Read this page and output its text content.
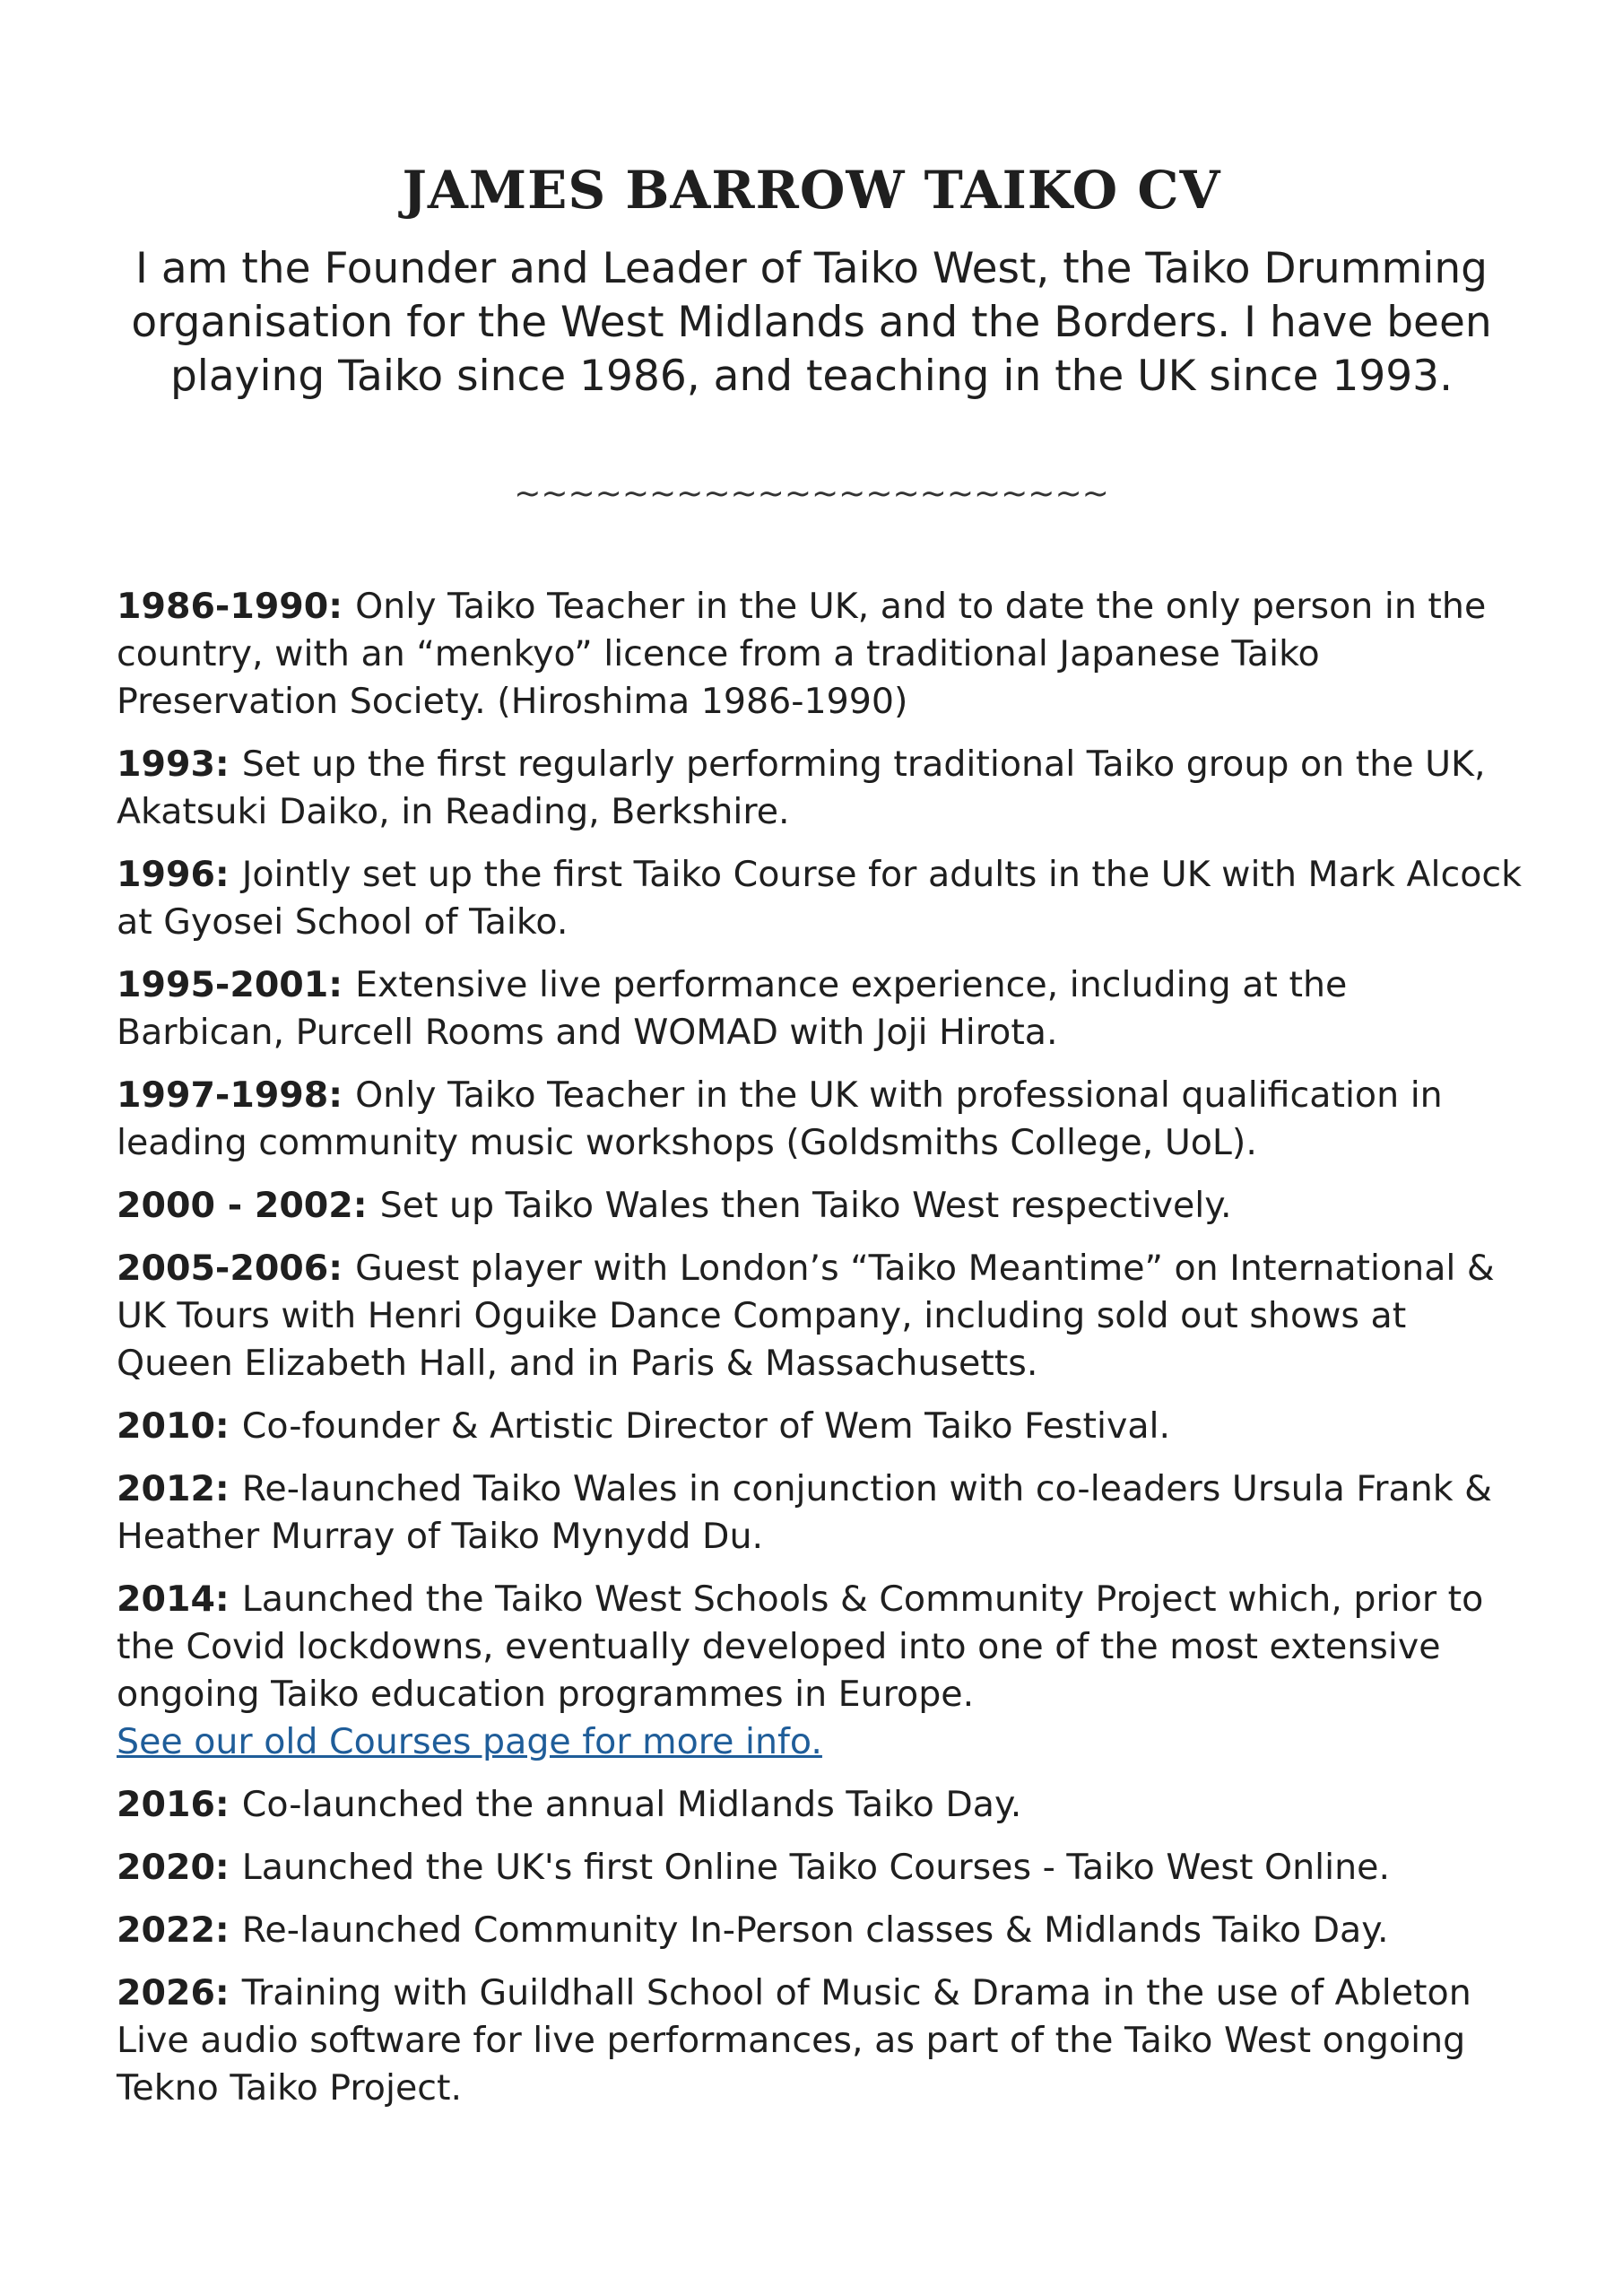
JAMES BARROW TAIKO CV

I am the Founder and Leader of Taiko West, the Taiko Drumming organisation for the West Midlands and the Borders. I have been playing Taiko since 1986, and teaching in the UK since 1993.

~~~~~~~~~~~~~~~~~~~~~~

1986-1990: Only Taiko Teacher in the UK, and to date the only person in the country, with an “menkyo” licence from a traditional Japanese Taiko Preservation Society. (Hiroshima 1986-1990)

1993: Set up the first regularly performing traditional Taiko group on the UK, Akatsuki Daiko, in Reading, Berkshire.

1996: Jointly set up the first Taiko Course for adults in the UK with Mark Alcock at Gyosei School of Taiko.

1995-2001: Extensive live performance experience, including at the Barbican, Purcell Rooms and WOMAD with Joji Hirota.

1997-1998: Only Taiko Teacher in the UK with professional qualification in leading community music workshops (Goldsmiths College, UoL).

2000 - 2002: Set up Taiko Wales then Taiko West respectively.

2005-2006: Guest player with London’s “Taiko Meantime” on International & UK Tours with Henri Oguike Dance Company, including sold out shows at Queen Elizabeth Hall, and in Paris & Massachusetts.

2010: Co-founder & Artistic Director of Wem Taiko Festival.

2012: Re-launched Taiko Wales in conjunction with co-leaders Ursula Frank & Heather Murray of Taiko Mynydd Du.

2014: Launched the Taiko West Schools & Community Project which, prior to the Covid lockdowns, eventually developed into one of the most extensive ongoing Taiko education programmes in Europe.
See our old Courses page for more info.

2016: Co-launched the annual Midlands Taiko Day.

2020: Launched the UK's first Online Taiko Courses - Taiko West Online.

2022: Re-launched Community In-Person classes & Midlands Taiko Day.

2026: Training with Guildhall School of Music & Drama in the use of Ableton Live audio software for live performances, as part of the Taiko West ongoing Tekno Taiko Project.
